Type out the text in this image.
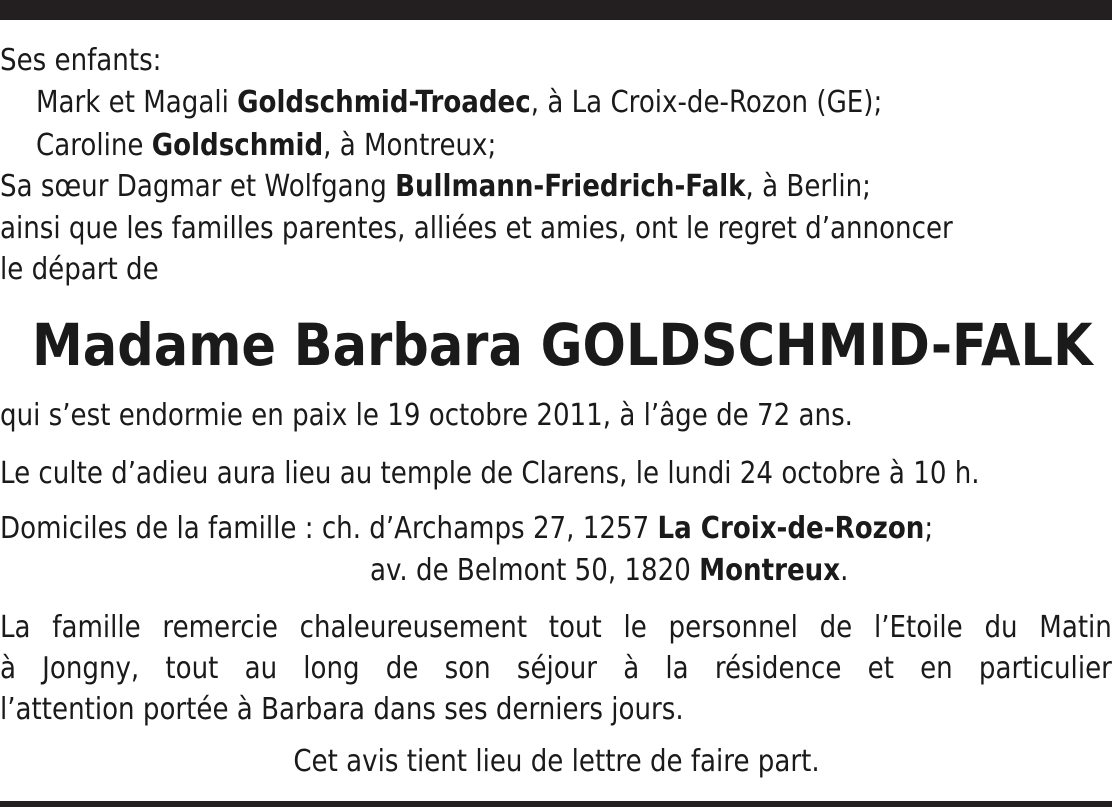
Ses enfants:
Mark et Magali Goldschmid-Troadec, à La Croix-de-Rozon (GE);
Caroline Goldschmid, à Montreux;
Sa sœur Dagmar et Wolfgang Bullmann-Friedrich-Falk, à Berlin;
ainsi que les familles parentes, alliées et amies, ont le regret d’annoncer
le départ de
Madame Barbara GOLDSCHMID-FALK
qui s’est endormie en paix le 19 octobre 2011, à l’âge de 72 ans.
Le culte d’adieu aura lieu au temple de Clarens, le lundi 24 octobre à 10 h.
Domiciles de la famille : ch. d’Archamps 27, 1257 La Croix-de-Rozon;
av. de Belmont 50, 1820 Montreux.
La famille remercie chaleureusement tout le personnel de l’Etoile du Matin
à Jongny, tout au long de son séjour à la résidence et en particulier
l’attention portée à Barbara dans ses derniers jours.
Cet avis tient lieu de lettre de faire part.
